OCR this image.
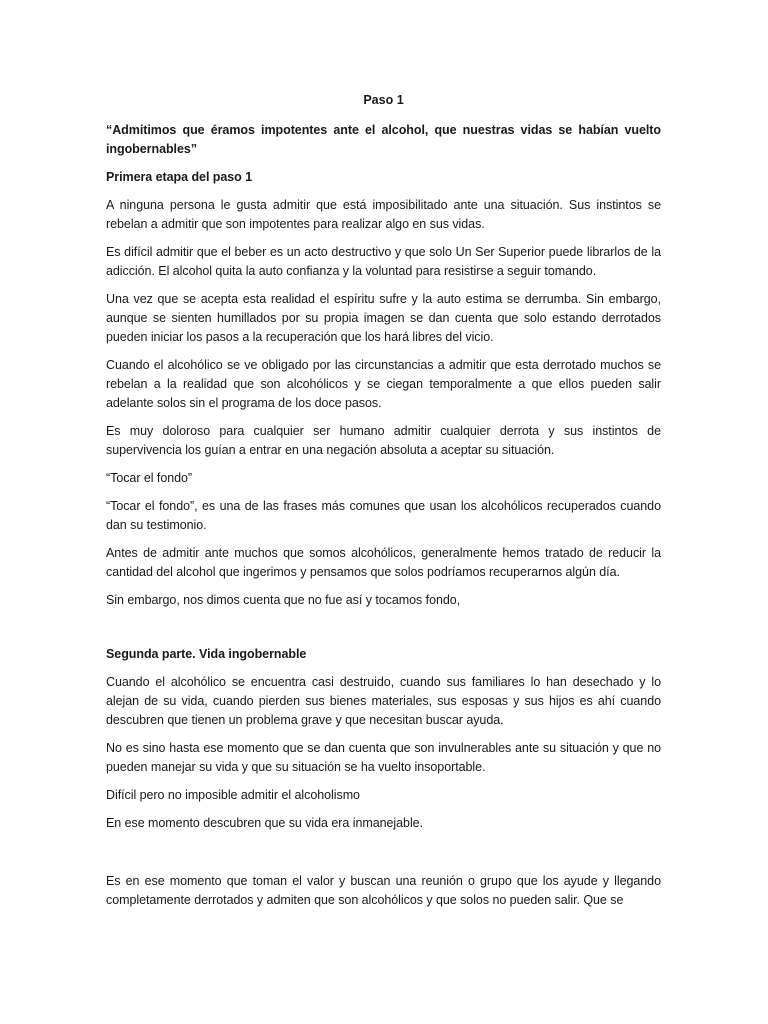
Paso 1

“Admitimos que éramos impotentes ante el alcohol, que nuestras vidas se habían vuelto ingobernables”

Primera etapa del paso 1

A ninguna persona le gusta admitir que está imposibilitado ante una situación. Sus instintos se rebelan a admitir que son impotentes para realizar algo en sus vidas.

Es difícil admitir que el beber es un acto destructivo y que solo Un Ser Superior puede librarlos de la adicción. El alcohol quita la auto confianza y la voluntad para resistirse a seguir tomando.

Una vez que se acepta esta realidad el espíritu sufre y la auto estima se derrumba. Sin embargo, aunque se sienten humillados por su propia imagen se dan cuenta que solo estando derrotados pueden iniciar los pasos a la recuperación que los hará libres del vicio.

Cuando el alcohólico se ve obligado por las circunstancias a admitir que esta derrotado muchos se rebelan a la realidad que son alcohólicos y se ciegan temporalmente a que ellos pueden salir adelante solos sin el programa de los doce pasos.

Es muy doloroso para cualquier ser humano admitir cualquier derrota y sus instintos de supervivencia los guían a entrar en una negación absoluta a aceptar su situación.

“Tocar el fondo”

“Tocar el fondo”, es una de las frases más comunes que usan los alcohólicos recuperados cuando dan su testimonio.

Antes de admitir ante muchos que somos alcohólicos, generalmente hemos tratado de reducir la cantidad del alcohol que ingerimos y pensamos que solos podríamos recuperarnos algún día.

Sin embargo, nos dimos cuenta que no fue así y tocamos fondo,

Segunda parte. Vida ingobernable

Cuando el alcohólico se encuentra casi destruido, cuando sus familiares lo han desechado y lo alejan de su vida, cuando pierden sus bienes materiales, sus esposas y sus hijos es ahí cuando descubren que tienen un problema grave y que necesitan buscar ayuda.

No es sino hasta ese momento que se dan cuenta que son invulnerables ante su situación y que no pueden manejar su vida y que su situación se ha vuelto insoportable.

Difícil pero no imposible admitir el alcoholismo

En ese momento descubren que su vida era inmanejable.

Es en ese momento que toman el valor y buscan una reunión o grupo que los ayude y llegando completamente derrotados y admiten que son alcohólicos y que solos no pueden salir. Que se
